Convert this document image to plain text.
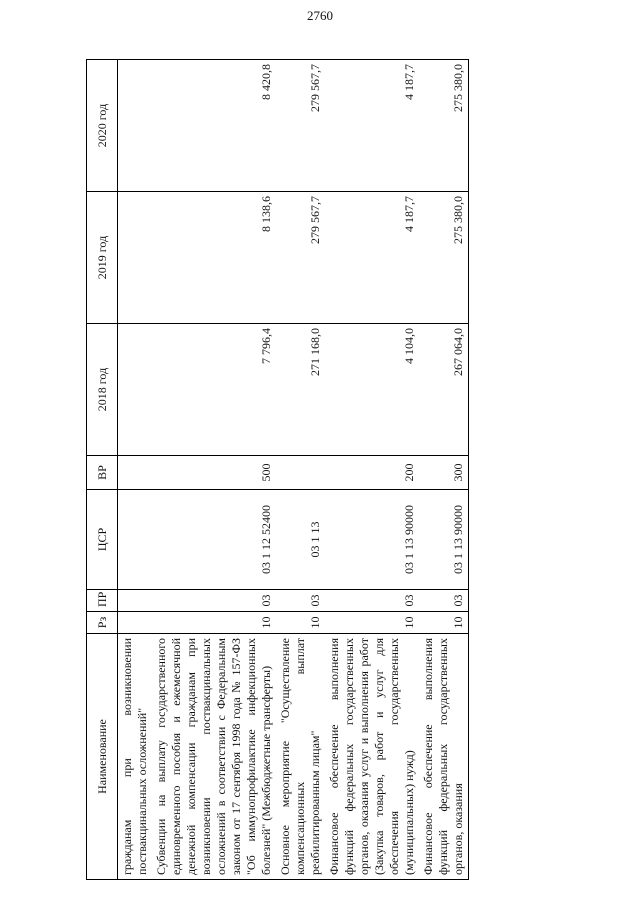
2760
Наименование	Рз	ПР	ЦСР	ВР	2018 год	2019 год	2020 год
гражданам при возникновении поствакцинальных осложнений"							
Субвенции на выплату государственного единовременного пособия и ежемесячной денежной компенсации гражданам при возникновении поствакцинальных осложнений в соответствии с Федеральным законом от 17 сентября 1998 года № 157-ФЗ "Об иммунопрофилактике инфекционных болезней" (Межбюджетные трансферты)	10	03	03 1 12 52400	500	7 796,4	8 138,6	8 420,8
Основное мероприятие "Осуществление компенсационных выплат реабилитированным лицам"	10	03	03 1 13		271 168,0	279 567,7	279 567,7
Финансовое обеспечение выполнения функций федеральных государственных органов, оказания услуг и выполнения работ (Закупка товаров, работ и услуг для обеспечения государственных (муниципальных) нужд)	10	03	03 1 13 90000	200	4 104,0	4 187,7	4 187,7
Финансовое обеспечение выполнения функций федеральных государственных органов, оказания	10	03	03 1 13 90000	300	267 064,0	275 380,0	275 380,0
